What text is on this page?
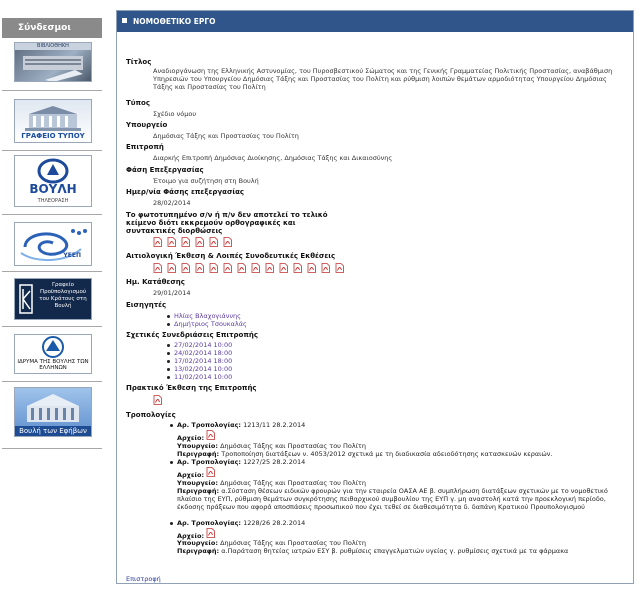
Σύνδεσμοι
ΒΙΒΛΙΟΘΗΚΗ
ΓΡΑΦΕΙΟ ΤΥΠΟΥ
ΒΟΥΛΗ
ΤΗΛΕΟΡΑΣΗ
ΥΕΕΠ
Γραφείο Προϋπολογισμού του Κράτους στη Βουλή
ΙΔΡΥΜΑ ΤΗΣ ΒΟΥΛΗΣ ΤΩΝ ΕΛΛΗΝΩΝ
Βουλή των Εφήβων
ΝΟΜΟΘΕΤΙΚΟ ΕΡΓΟ
Τίτλος
Αναδιοργάνωση της Ελληνικής Αστυνομίας, του Πυροσβεστικού Σώματος και της Γενικής Γραμματείας Πολιτικής Προστασίας, αναβάθμιση Υπηρεσιών του Υπουργείου Δημόσιας Τάξης και Προστασίας του Πολίτη και ρύθμιση λοιπών θεμάτων αρμοδιότητας Υπουργείου Δημόσιας Τάξης και Προστασίας του Πολίτη
Τύπος
Σχέδιο νόμου
Υπουργείο
Δημόσιας Τάξης και Προστασίας του Πολίτη
Επιτροπή
Διαρκής Επιτροπή Δημόσιας Διοίκησης, Δημόσιας Τάξης και Δικαιοσύνης
Φάση Επεξεργασίας
Έτοιμο για συζήτηση στη Βουλή
Ημερ/νία Φάσης επεξεργασίας
28/02/2014
Το φωτοτυπημένο σ/ν ή π/ν δεν αποτελεί το τελικό κείμενο διότι εκκρεμούν ορθογραφικές και συντακτικές διορθώσεις
Αιτιολογική Έκθεση & Λοιπές Συνοδευτικές Εκθέσεις
Ημ. Κατάθεσης
29/01/2014
Εισηγητές
Ηλίας Βλαχογιάννης
Δημήτριος Τσουκαλάς
Σχετικές Συνεδριάσεις Επιτροπής
27/02/2014 10:00
24/02/2014 18:00
17/02/2014 18:00
13/02/2014 10:00
11/02/2014 10:00
Πρακτικό Έκθεση της Επιτροπής
Τροπολογίες
Αρ. Τροπολογίας: 1213/11 28.2.2014
Αρχείο:
Υπουργείο: Δημόσιας Τάξης και Προστασίας του Πολίτη
Περιγραφή: Τροποποίηση διατάξεων ν. 4053/2012 σχετικά με τη διαδικασία αδειοδότησης κατασκευών κεραιών.
Αρ. Τροπολογίας: 1227/25 28.2.2014
Αρχείο:
Υπουργείο: Δημόσιας Τάξης και Προστασίας του Πολίτη
Περιγραφή: α.Σύσταση θέσεων ειδικών φρουρών για την εταιρεία ΟΑΣΑ ΑΕ β. συμπλήρωση διατάξεων σχετικών με το νομοθετικό πλαίσιο της ΕΥΠ, ρύθμιση θεμάτων συγκρότησης πειθαρχικού συμβουλίου της ΕΥΠ γ. μη αναστολή κατά την προεκλογική περίοδο, έκδοσης πράξεων που αφορά αποσπάσεις προσωπικού που έχει τεθεί σε διαθεσιμότητα δ. δαπάνη Κρατικού Προυπολογισμού
Αρ. Τροπολογίας: 1228/26 28.2.2014
Αρχείο:
Υπουργείο: Δημόσιας Τάξης και Προστασίας του Πολίτη
Περιγραφή: α.Παράταση θητείας ιατρών ΕΣΥ β. ρυθμίσεις επαγγελματιών υγείας γ. ρυθμίσεις σχετικά με τα φάρμακα
Επιστροφή
